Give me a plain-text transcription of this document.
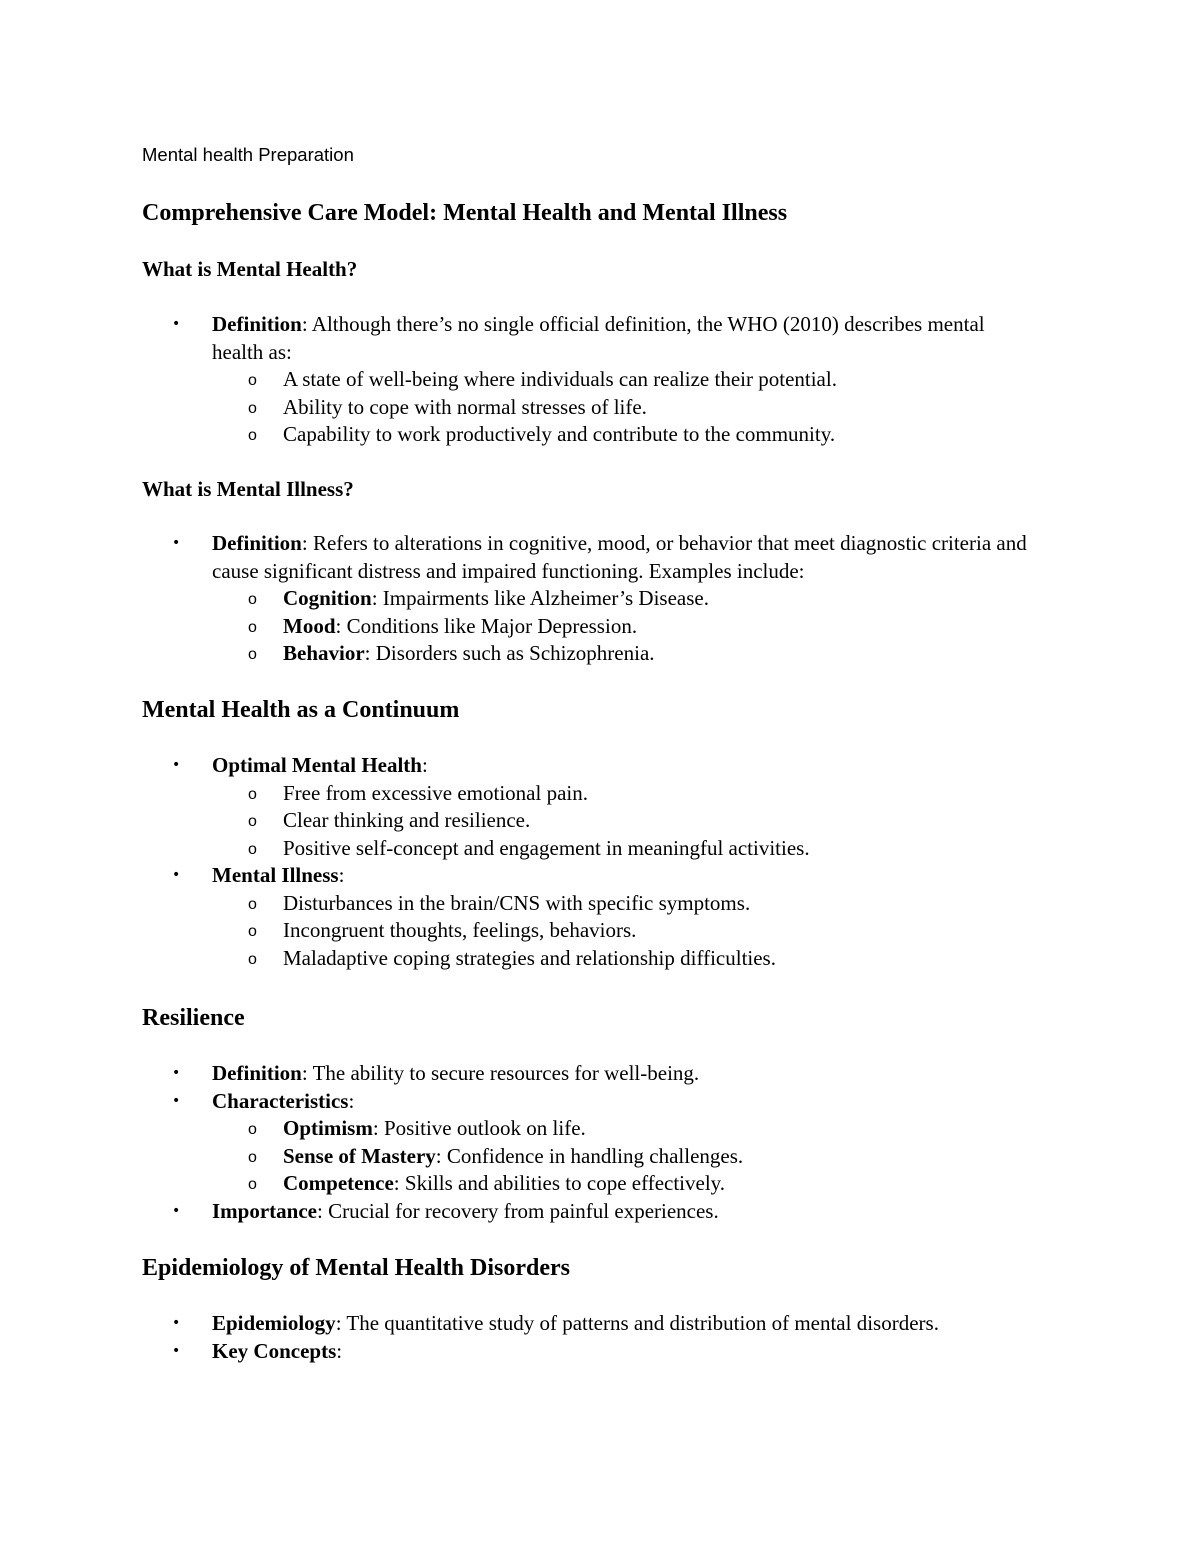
Mental health Preparation

Comprehensive Care Model: Mental Health and Mental Illness
What is Mental Health?
• Definition: Although there’s no single official definition, the WHO (2010) describes mental health as:
o A state of well-being where individuals can realize their potential.
o Ability to cope with normal stresses of life.
o Capability to work productively and contribute to the community.
What is Mental Illness?
• Definition: Refers to alterations in cognitive, mood, or behavior that meet diagnostic criteria and cause significant distress and impaired functioning. Examples include:
o Cognition: Impairments like Alzheimer’s Disease.
o Mood: Conditions like Major Depression.
o Behavior: Disorders such as Schizophrenia.
Mental Health as a Continuum
• Optimal Mental Health:
o Free from excessive emotional pain.
o Clear thinking and resilience.
o Positive self-concept and engagement in meaningful activities.
• Mental Illness:
o Disturbances in the brain/CNS with specific symptoms.
o Incongruent thoughts, feelings, behaviors.
o Maladaptive coping strategies and relationship difficulties.
Resilience
• Definition: The ability to secure resources for well-being.
• Characteristics:
o Optimism: Positive outlook on life.
o Sense of Mastery: Confidence in handling challenges.
o Competence: Skills and abilities to cope effectively.
• Importance: Crucial for recovery from painful experiences.
Epidemiology of Mental Health Disorders
• Epidemiology: The quantitative study of patterns and distribution of mental disorders.
• Key Concepts:
